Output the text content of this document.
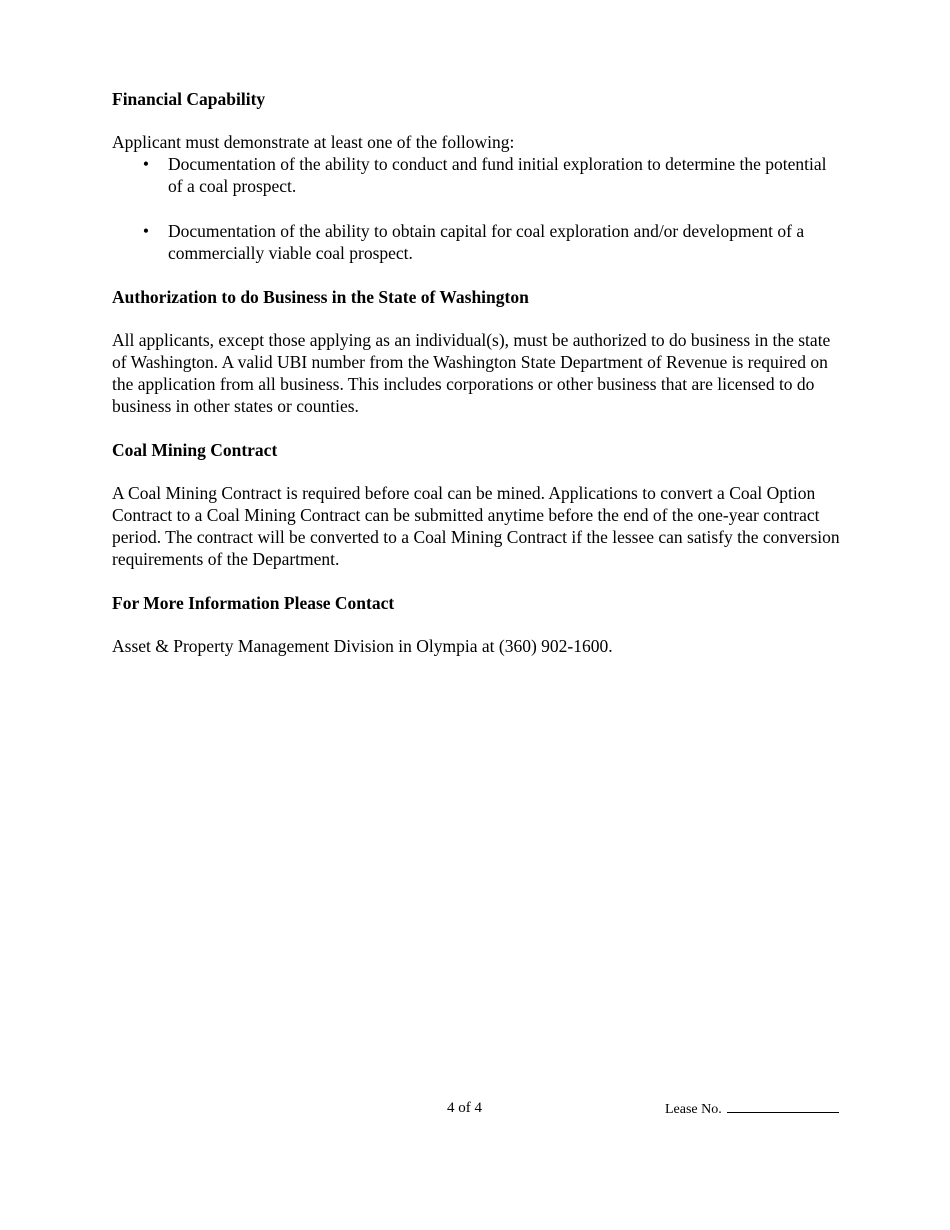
Financial Capability

Applicant must demonstrate at least one of the following:

• Documentation of the ability to conduct and fund initial exploration to determine the potential of a coal prospect.
• Documentation of the ability to obtain capital for coal exploration and/or development of a commercially viable coal prospect.

Authorization to do Business in the State of Washington

All applicants, except those applying as an individual(s), must be authorized to do business in the state of Washington. A valid UBI number from the Washington State Department of Revenue is required on the application from all business. This includes corporations or other business that are licensed to do business in other states or counties.

Coal Mining Contract

A Coal Mining Contract is required before coal can be mined. Applications to convert a Coal Option Contract to a Coal Mining Contract can be submitted anytime before the end of the one-year contract period. The contract will be converted to a Coal Mining Contract if the lessee can satisfy the conversion requirements of the Department.

For More Information Please Contact

Asset & Property Management Division in Olympia at (360) 902-1600.

4 of 4	Lease No.
